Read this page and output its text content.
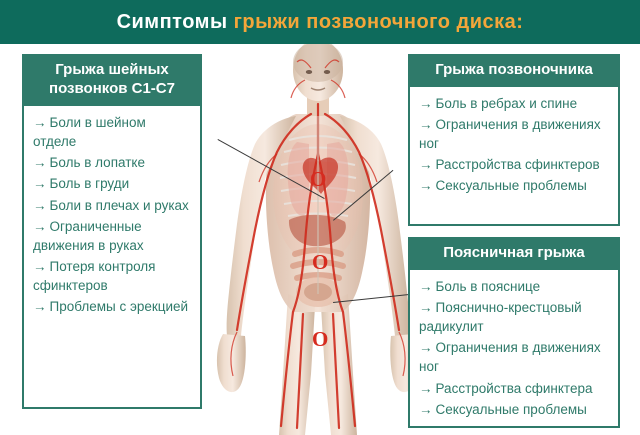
Симптомы грыжи позвоночного диска:
O
O
O
Грыжа шейных позвонков С1-С7
→ Боли в шейном отделе
→ Боль в лопатке
→ Боль в груди
→ Боли в плечах и руках
→ Ограниченные движения в руках
→ Потеря контроля сфинктеров
→ Проблемы с эрекцией
Грыжа позвоночника
→ Боль в ребрах и спине
→ Ограничения в движениях ног
→ Расстройства сфинктеров
→ Сексуальные проблемы
Поясничная грыжа
→ Боль в пояснице
→ Пояснично-крестцовый радикулит
→ Ограничения в движениях ног
→ Расстройства сфинктера
→ Сексуальные проблемы
